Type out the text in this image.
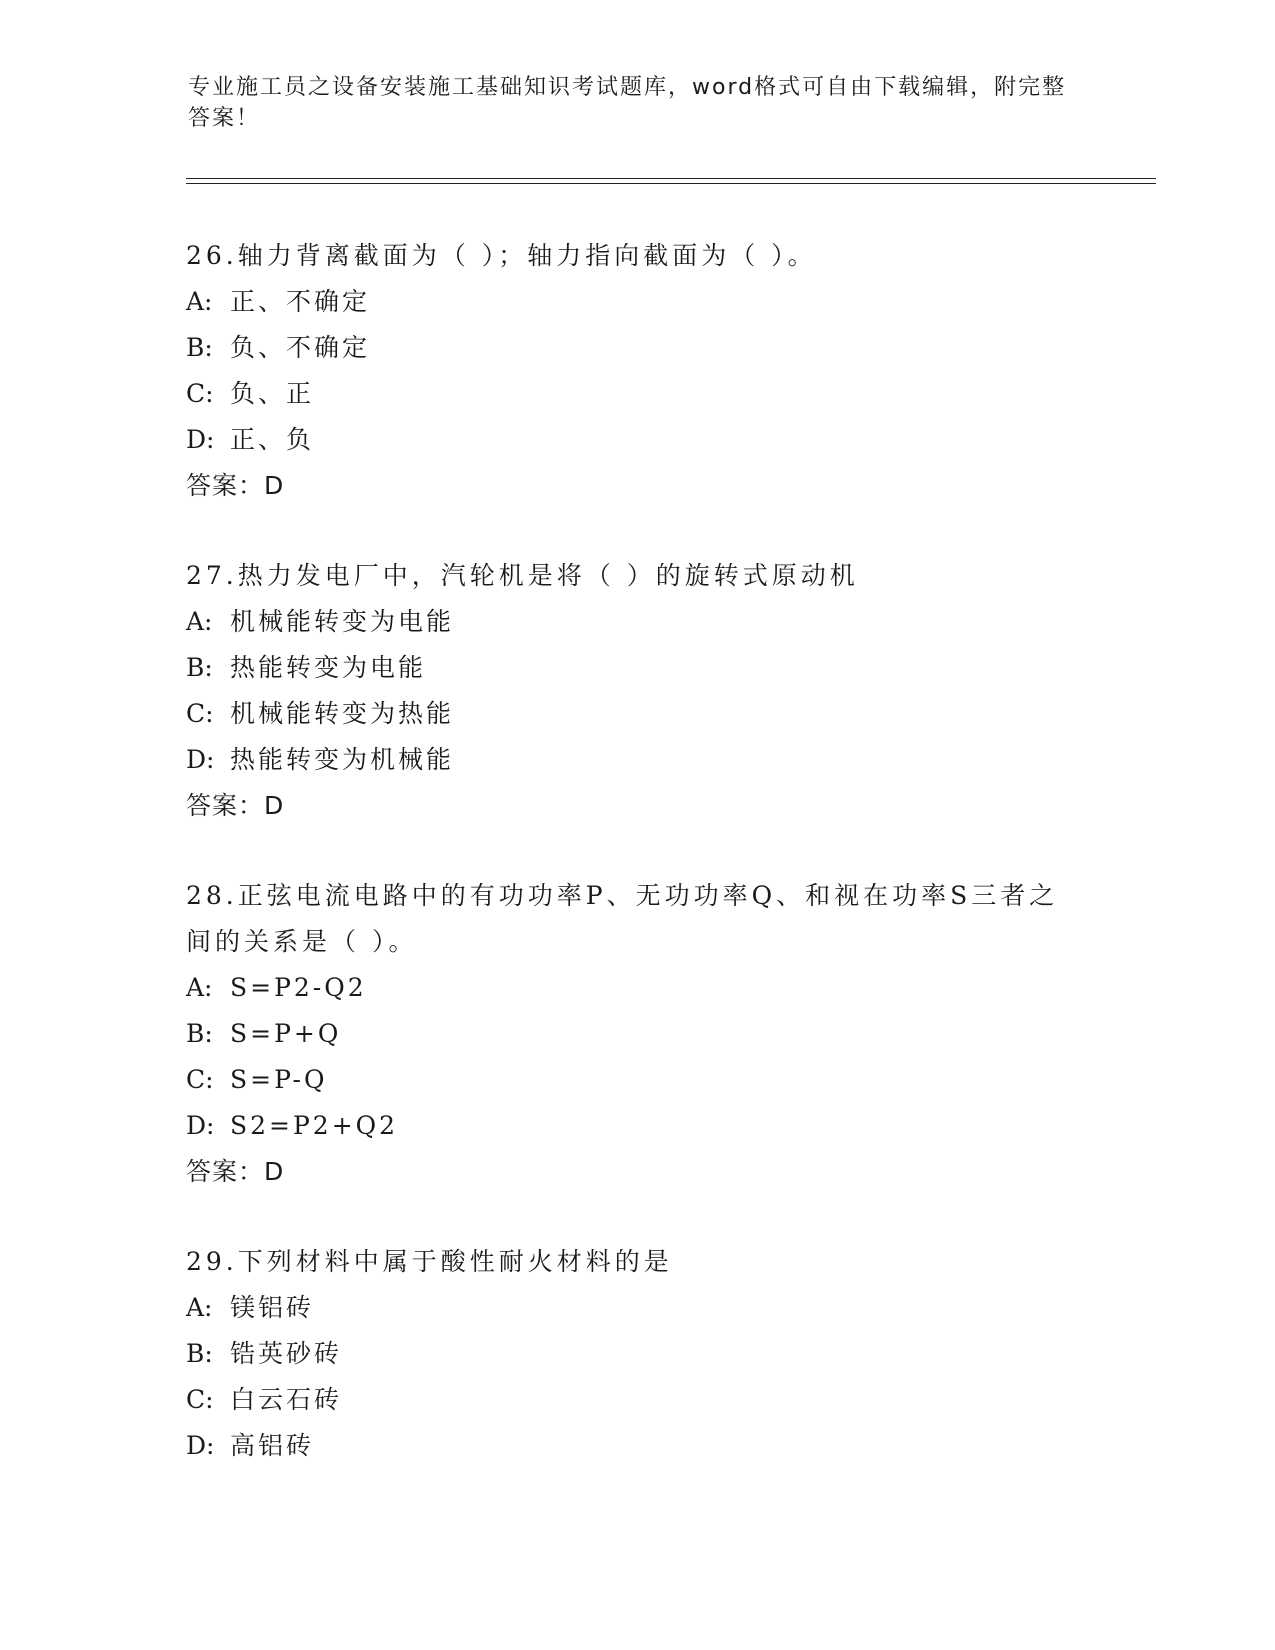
专业施工员之设备安装施工基础知识考试题库，word格式可自由下载编辑，附完整答案！

26.轴力背离截面为（ ）；轴力指向截面为（ ）。

A: 正、不确定
B: 负、不确定
C: 负、正
D: 正、负
答案：D

27.热力发电厂中，汽轮机是将（ ）的旋转式原动机

A: 机械能转变为电能
B: 热能转变为电能
C: 机械能转变为热能
D: 热能转变为机械能
答案：D

28.正弦电流电路中的有功功率P、无功功率Q、和视在功率S三者之间的关系是（ ）。

A: S=P2-Q2
B: S=P+Q
C: S=P-Q
D: S2=P2+Q2
答案：D

29.下列材料中属于酸性耐火材料的是

A: 镁铝砖
B: 锆英砂砖
C: 白云石砖
D: 高铝砖
